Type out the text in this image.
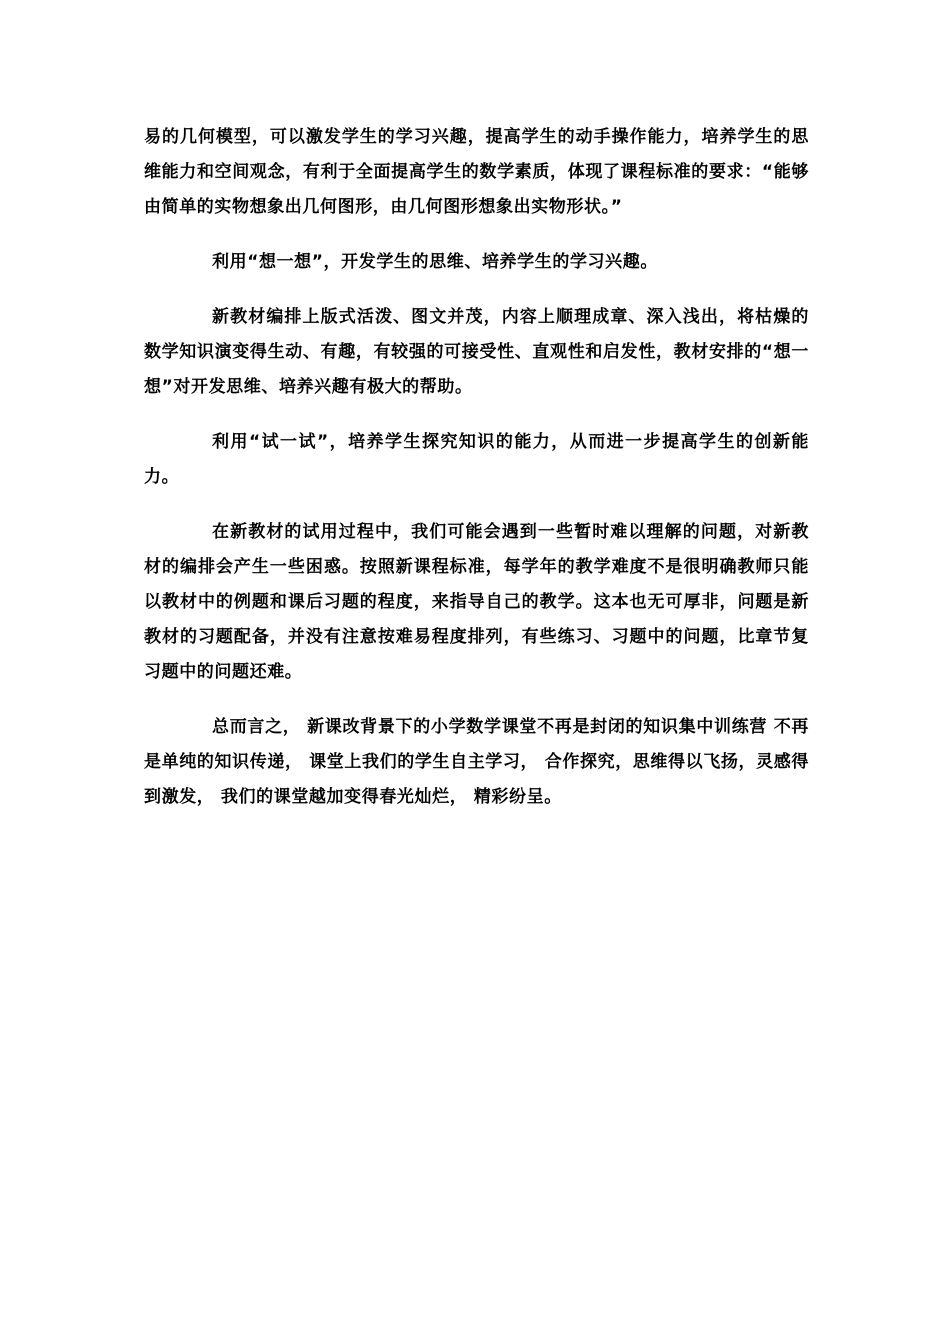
易的几何模型，可以激发学生的学习兴趣，提高学生的动手操作能力，培养学生的思维能力和空间观念，有利于全面提高学生的数学素质，体现了课程标准的要求：“能够由简单的实物想象出几何图形，由几何图形想象出实物形状。”

利用“想一想”，开发学生的思维、培养学生的学习兴趣。

新教材编排上版式活泼、图文并茂，内容上顺理成章、深入浅出，将枯燥的数学知识演变得生动、有趣，有较强的可接受性、直观性和启发性，教材安排的“想一想”对开发思维、培养兴趣有极大的帮助。

利用“试一试”，培养学生探究知识的能力，从而进一步提高学生的创新能力。

在新教材的试用过程中，我们可能会遇到一些暂时难以理解的问题，对新教材的编排会产生一些困惑。按照新课程标准，每学年的教学难度不是很明确教师只能以教材中的例题和课后习题的程度，来指导自己的教学。这本也无可厚非，问题是新教材的习题配备，并没有注意按难易程度排列，有些练习、习题中的问题，比章节复习题中的问题还难。

总而言之， 新课改背景下的小学数学课堂不再是封闭的知识集中训练营 不再是单纯的知识传递， 课堂上我们的学生自主学习， 合作探究，思维得以飞扬，灵感得到激发， 我们的课堂越加变得春光灿烂， 精彩纷呈。
